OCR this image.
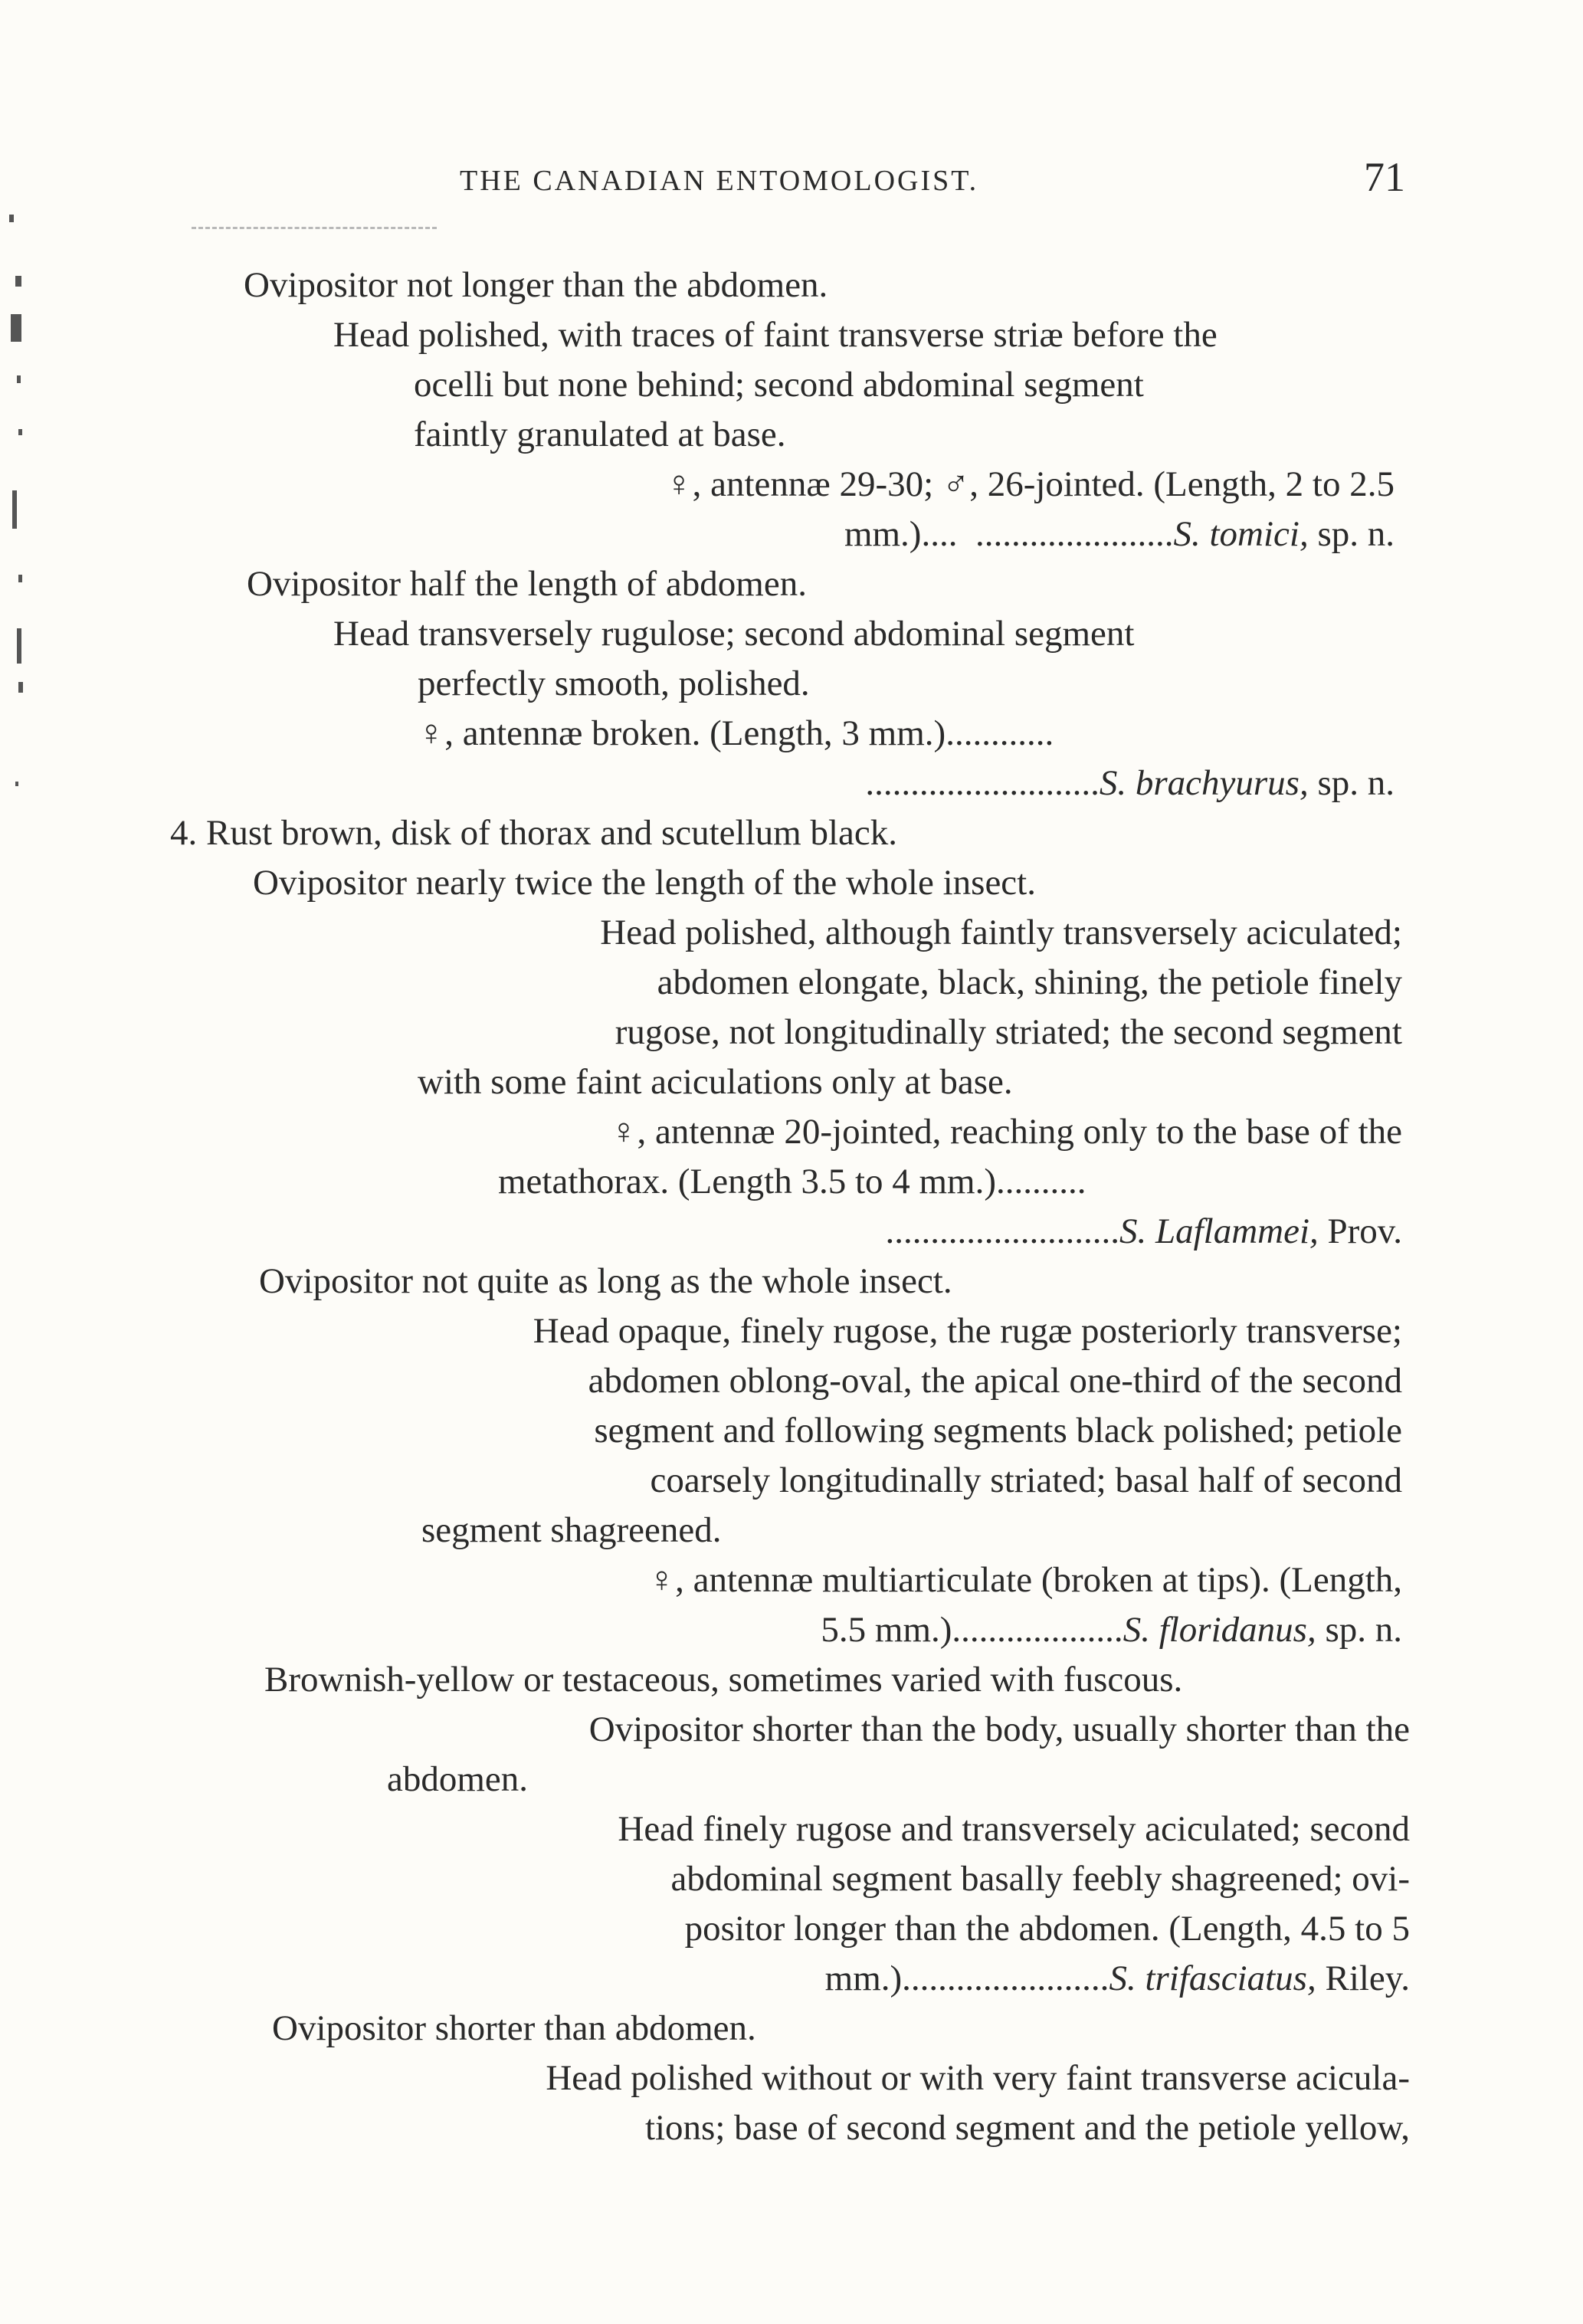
THE CANADIAN ENTOMOLOGIST.	71
Ovipositor not longer than the abdomen.
Head polished, with traces of faint transverse striæ before the
ocelli but none behind; second abdominal segment
faintly granulated at base.
♀, antennæ 29-30; ♂, 26-jointed. (Length, 2 to 2.5
mm.)....  ......................S. tomici, sp. n.
Ovipositor half the length of abdomen.
Head transversely rugulose; second abdominal segment
perfectly smooth, polished.
♀, antennæ broken. (Length, 3 mm.)............
..........................S. brachyurus, sp. n.
4. Rust brown, disk of thorax and scutellum black.
Ovipositor nearly twice the length of the whole insect.
Head polished, although faintly transversely aciculated;
abdomen elongate, black, shining, the petiole finely
rugose, not longitudinally striated; the second segment
with some faint aciculations only at base.
♀, antennæ 20-jointed, reaching only to the base of the
metathorax. (Length 3.5 to 4 mm.)..........
..........................S. Laflammei, Prov.
Ovipositor not quite as long as the whole insect.
Head opaque, finely rugose, the rugæ posteriorly transverse;
abdomen oblong-oval, the apical one-third of the second
segment and following segments black polished; petiole
coarsely longitudinally striated; basal half of second
segment shagreened.
♀, antennæ multiarticulate (broken at tips). (Length,
5.5 mm.)...................S. floridanus, sp. n.
Brownish-yellow or testaceous, sometimes varied with fuscous.
Ovipositor shorter than the body, usually shorter than the
abdomen.
Head finely rugose and transversely aciculated; second
abdominal segment basally feebly shagreened; ovi-
positor longer than the abdomen. (Length, 4.5 to 5
mm.).......................S. trifasciatus, Riley.
Ovipositor shorter than abdomen.
Head polished without or with very faint transverse acicula-
tions; base of second segment and the petiole yellow,
